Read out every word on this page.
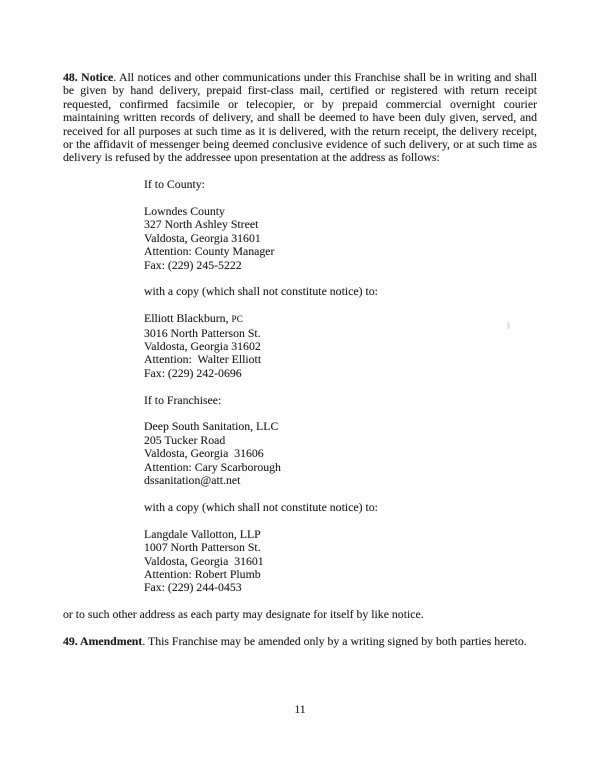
48. Notice. All notices and other communications under this Franchise shall be in writing and shall be given by hand delivery, prepaid first-class mail, certified or registered with return receipt requested, confirmed facsimile or telecopier, or by prepaid commercial overnight courier maintaining written records of delivery, and shall be deemed to have been duly given, served, and received for all purposes at such time as it is delivered, with the return receipt, the delivery receipt, or the affidavit of messenger being deemed conclusive evidence of such delivery, or at such time as delivery is refused by the addressee upon presentation at the address as follows:

If to County:
Lowndes County
327 North Ashley Street
Valdosta, Georgia 31601
Attention: County Manager
Fax: (229) 245-5222
with a copy (which shall not constitute notice) to:
Elliott Blackburn, PC
3016 North Patterson St.
Valdosta, Georgia 31602
Attention:  Walter Elliott
Fax: (229) 242-0696
If to Franchisee:
Deep South Sanitation, LLC
205 Tucker Road
Valdosta, Georgia  31606
Attention: Cary Scarborough
dssanitation@att.net
with a copy (which shall not constitute notice) to:
Langdale Vallotton, LLP
1007 North Patterson St.
Valdosta, Georgia  31601
Attention: Robert Plumb
Fax: (229) 244-0453

or to such other address as each party may designate for itself by like notice.

49. Amendment. This Franchise may be amended only by a writing signed by both parties hereto.

11
